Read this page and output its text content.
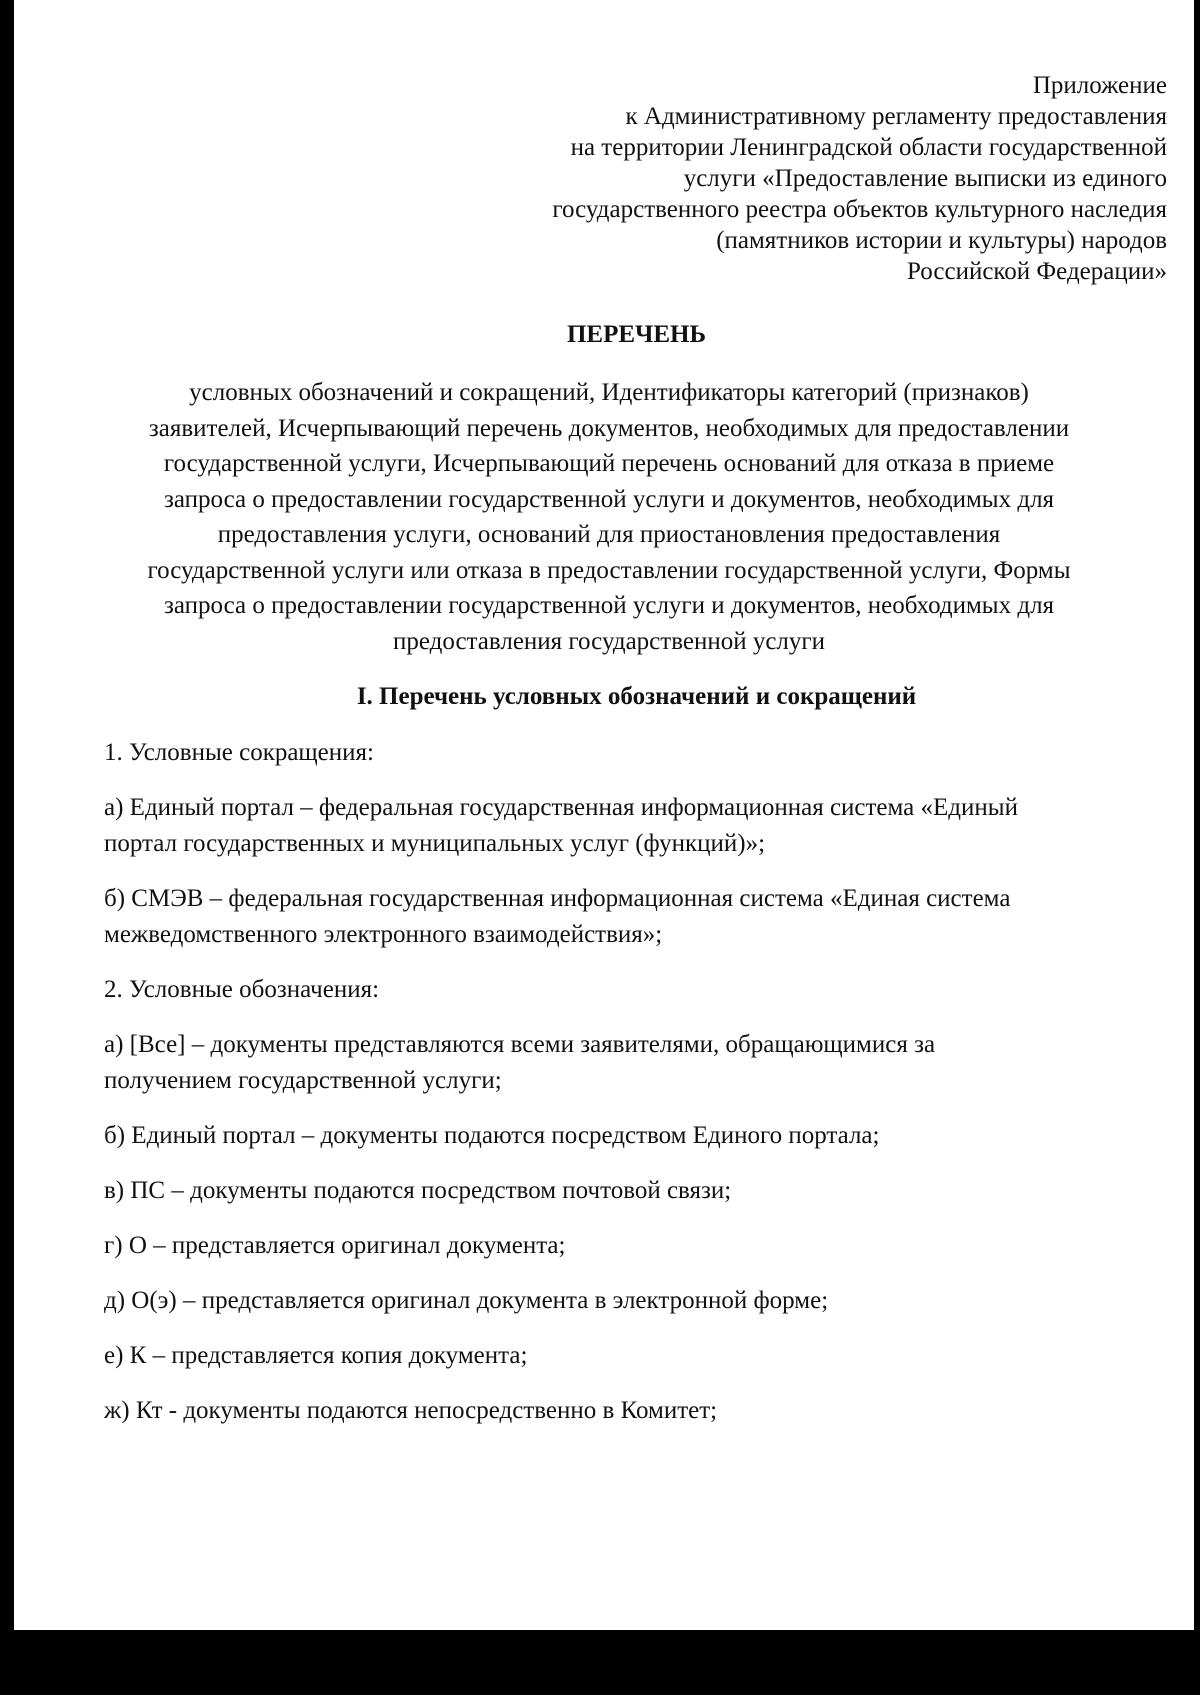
Приложение
к Административному регламенту предоставления
на территории Ленинградской области государственной
услуги «Предоставление выписки из единого
государственного реестра объектов культурного наследия
(памятников истории и культуры) народов
Российской Федерации»
ПЕРЕЧЕНЬ
условных обозначений и сокращений, Идентификаторы категорий (признаков)
заявителей, Исчерпывающий перечень документов, необходимых для предоставлении
государственной услуги, Исчерпывающий перечень оснований для отказа в приеме
запроса о предоставлении государственной услуги и документов, необходимых для
предоставления услуги, оснований для приостановления предоставления
государственной услуги или отказа в предоставлении государственной услуги, Формы
запроса о предоставлении государственной услуги и документов, необходимых для
предоставления государственной услуги
I. Перечень условных обозначений и сокращений
1. Условные сокращения:
а) Единый портал – федеральная государственная информационная система «Единый
портал государственных и муниципальных услуг (функций)»;
б) СМЭВ – федеральная государственная информационная система «Единая система
межведомственного электронного взаимодействия»;
2. Условные обозначения:
а) [Все] – документы представляются всеми заявителями, обращающимися за
получением государственной услуги;
б) Единый портал – документы подаются посредством Единого портала;
в) ПС – документы подаются посредством почтовой связи;
г) О – представляется оригинал документа;
д) О(э) – представляется оригинал документа в электронной форме;
е) К – представляется копия документа;
ж) Кт - документы подаются непосредственно в Комитет;
